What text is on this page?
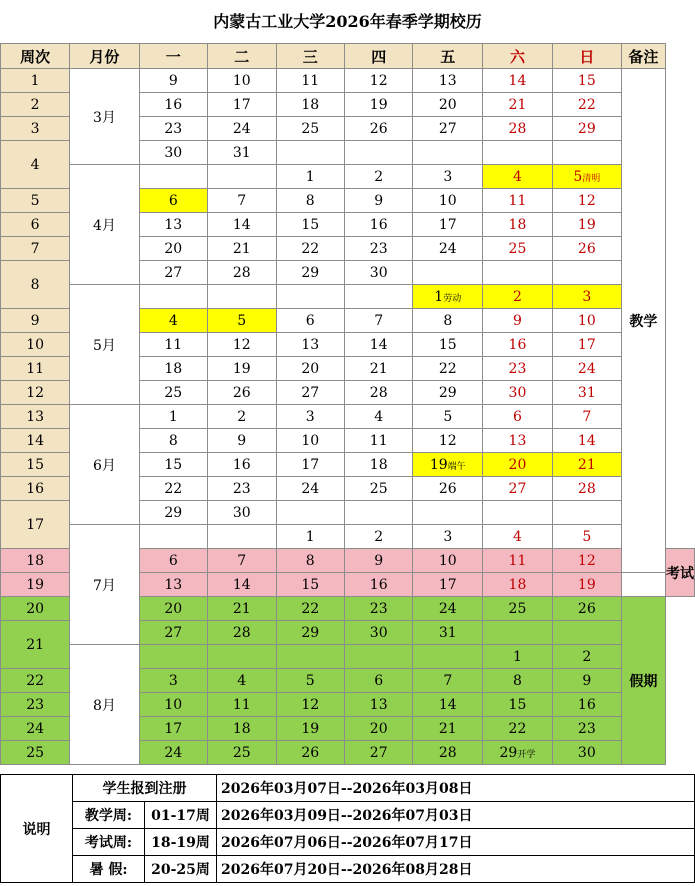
内蒙古工业大学2026年春季学期校历
周次	月份	一	二	三	四	五	六	日	备注	
1	3月	9	10	11	12	13	14	15	教学	
2		16	17	18	19	20	21	22		
3		23	24	25	26	27	28	29		
4		30	31							
	4月			1	2	3	4	5清明		
5		6	7	8	9	10	11	12		
6		13	14	15	16	17	18	19		
7		20	21	22	23	24	25	26		
8		27	28	29	30					
	5月					1劳动	2	3		
9		4	5	6	7	8	9	10		
10		11	12	13	14	15	16	17		
11		18	19	20	21	22	23	24		
12		25	26	27	28	29	30	31		
13	6月	1	2	3	4	5	6	7		
14		8	9	10	11	12	13	14		
15		15	16	17	18	19端午	20	21		
16		22	23	24	25	26	27	28		
17		29	30							
	7月			1	2	3	4	5		
18		6	7	8	9	10	11	12		考试
19		13	14	15	16	17	18	19		
20		20	21	22	23	24	25	26	假期	
21		27	28	29	30	31				
	8月						1	2		
22		3	4	5	6	7	8	9		
23		10	11	12	13	14	15	16		
24		17	18	19	20	21	22	23		
25		24	25	26	27	28	29开学	30		
说明	学生报到注册		2026年03月07日--2026年03月08日
	教学周:	01-17周	2026年03月09日--2026年07月03日
	考试周:	18-19周	2026年07月06日--2026年07月17日
	暑 假:	20-25周	2026年07月20日--2026年08月28日
